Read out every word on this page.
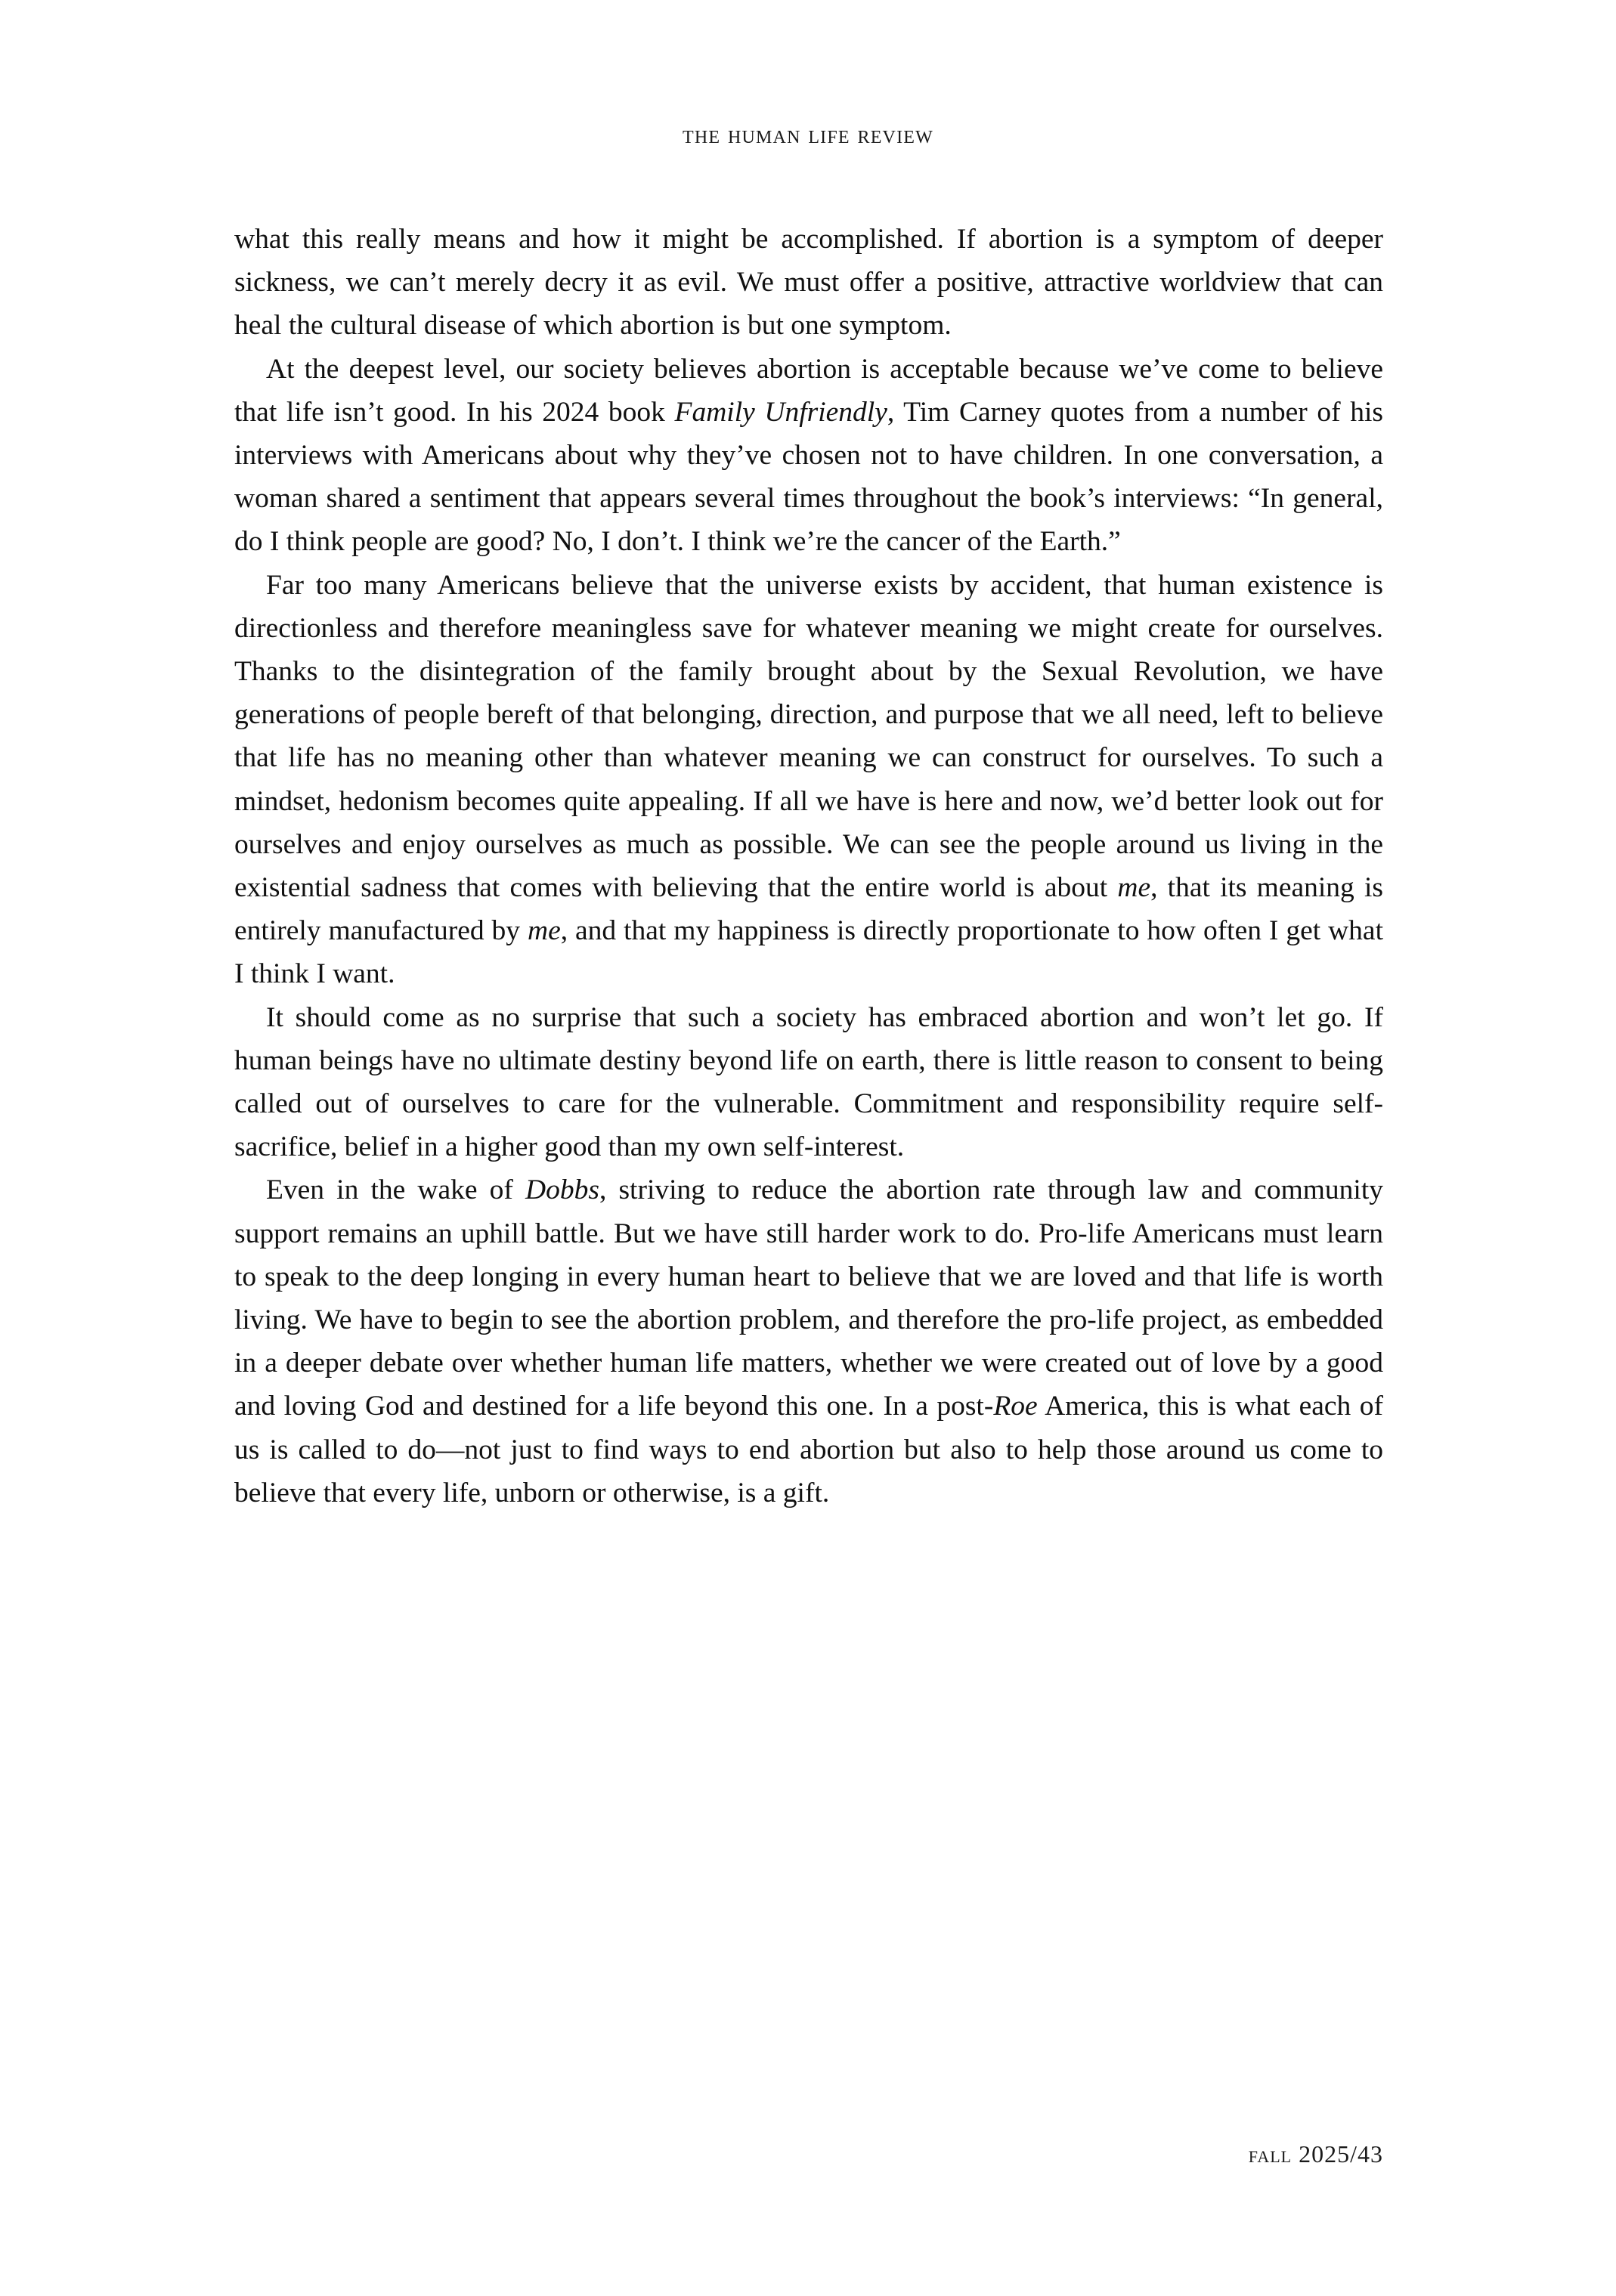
the human life review

what this really means and how it might be accomplished. If abortion is a symptom of deeper sickness, we can’t merely decry it as evil. We must offer a positive, attractive worldview that can heal the cultural disease of which abortion is but one symptom.

At the deepest level, our society believes abortion is acceptable because we’ve come to believe that life isn’t good. In his 2024 book Family Unfriendly, Tim Carney quotes from a number of his interviews with Americans about why they’ve chosen not to have children. In one conversation, a woman shared a sentiment that appears several times throughout the book’s interviews: “In general, do I think people are good? No, I don’t. I think we’re the cancer of the Earth.”

Far too many Americans believe that the universe exists by accident, that human existence is directionless and therefore meaningless save for whatever meaning we might create for ourselves. Thanks to the disintegration of the family brought about by the Sexual Revolution, we have generations of people bereft of that belonging, direction, and purpose that we all need, left to believe that life has no meaning other than whatever meaning we can construct for ourselves. To such a mindset, hedonism becomes quite appealing. If all we have is here and now, we’d better look out for ourselves and enjoy ourselves as much as possible. We can see the people around us living in the existential sadness that comes with believing that the entire world is about me, that its meaning is entirely manufactured by me, and that my happiness is directly proportionate to how often I get what I think I want.

It should come as no surprise that such a society has embraced abortion and won’t let go. If human beings have no ultimate destiny beyond life on earth, there is little reason to consent to being called out of ourselves to care for the vulnerable. Commitment and responsibility require self-sacrifice, belief in a higher good than my own self-interest.

Even in the wake of Dobbs, striving to reduce the abortion rate through law and community support remains an uphill battle. But we have still harder work to do. Pro-life Americans must learn to speak to the deep longing in every human heart to believe that we are loved and that life is worth living. We have to begin to see the abortion problem, and therefore the pro-life project, as embedded in a deeper debate over whether human life matters, whether we were created out of love by a good and loving God and destined for a life beyond this one. In a post-Roe America, this is what each of us is called to do—not just to find ways to end abortion but also to help those around us come to believe that every life, unborn or otherwise, is a gift.

fall 2025/43
